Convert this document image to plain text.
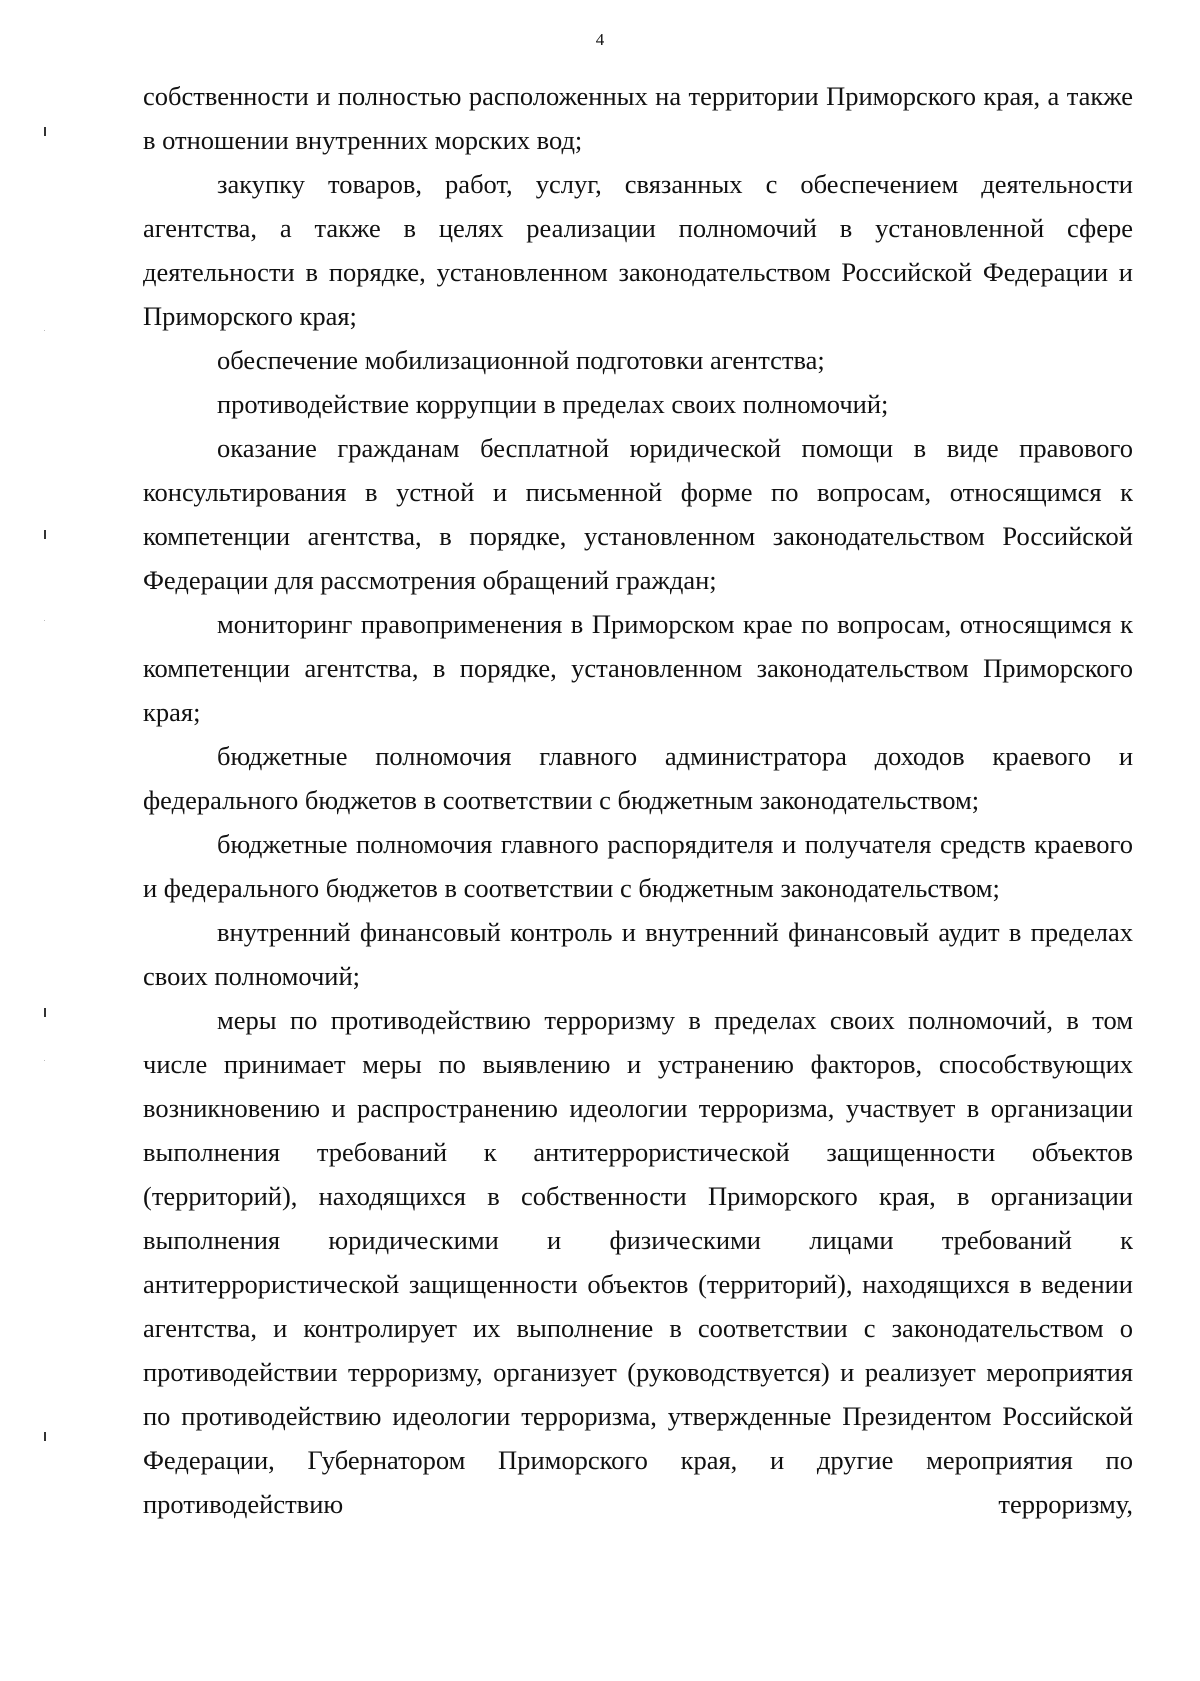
4

собственности и полностью расположенных на территории Приморского края, а также в отношении внутренних морских вод;

закупку товаров, работ, услуг, связанных с обеспечением деятельности агентства, а также в целях реализации полномочий в установленной сфере деятельности в порядке, установленном законодательством Российской Федерации и Приморского края;

обеспечение мобилизационной подготовки агентства;

противодействие коррупции в пределах своих полномочий;

оказание гражданам бесплатной юридической помощи в виде правового консультирования в устной и письменной форме по вопросам, относящимся к компетенции агентства, в порядке, установленном законодательством Российской Федерации для рассмотрения обращений граждан;

мониторинг правоприменения в Приморском крае по вопросам, относящимся к компетенции агентства, в порядке, установленном законодательством Приморского края;

бюджетные полномочия главного администратора доходов краевого и федерального бюджетов в соответствии с бюджетным законодательством;

бюджетные полномочия главного распорядителя и получателя средств краевого и федерального бюджетов в соответствии с бюджетным законодательством;

внутренний финансовый контроль и внутренний финансовый аудит в пределах своих полномочий;

меры по противодействию терроризму в пределах своих полномочий, в том числе принимает меры по выявлению и устранению факторов, способствующих возникновению и распространению идеологии терроризма, участвует в организации выполнения требований к антитеррористической защищенности объектов (территорий), находящихся в собственности Приморского края, в организации выполнения юридическими и физическими лицами требований к антитеррористической защищенности объектов (территорий), находящихся в ведении агентства, и контролирует их выполнение в соответствии с законодательством о противодействии терроризму, организует (руководствуется) и реализует мероприятия по противодействию идеологии терроризма, утвержденные Президентом Российской Федерации, Губернатором Приморского края, и другие мероприятия по противодействию терроризму,
